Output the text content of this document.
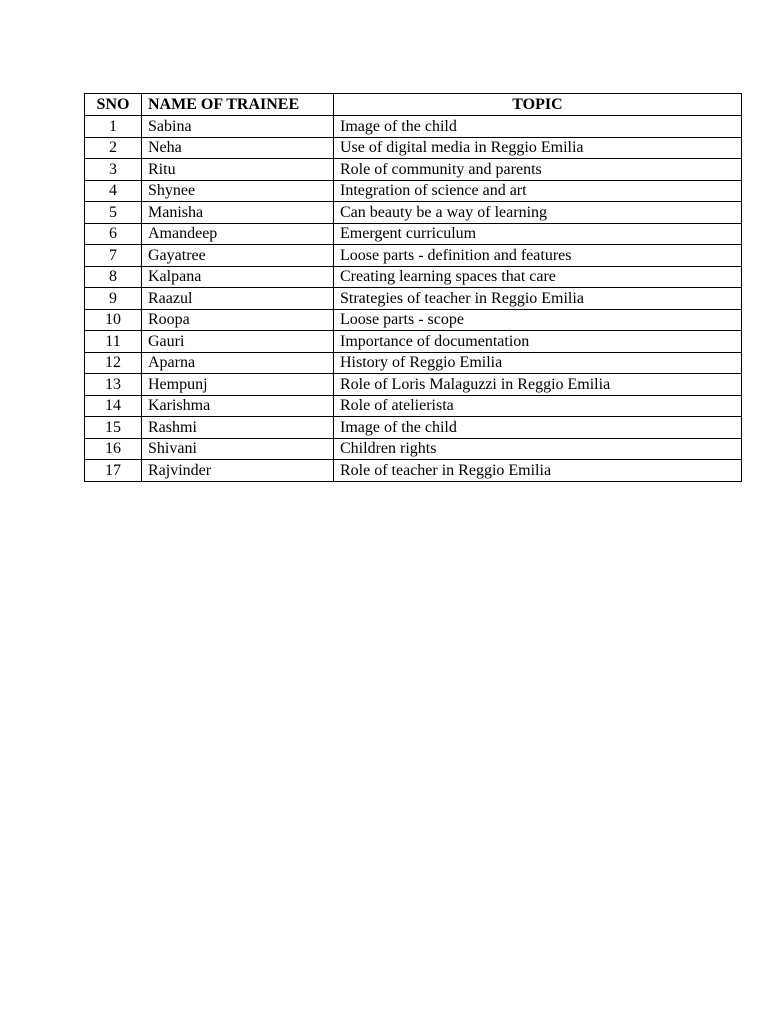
SNO	NAME OF TRAINEE	TOPIC
1	Sabina	Image of the child
2	Neha	Use of digital media in Reggio Emilia
3	Ritu	Role of community and parents
4	Shynee	Integration of science and art
5	Manisha	Can beauty be a way of learning
6	Amandeep	Emergent curriculum
7	Gayatree	Loose parts - definition and features
8	Kalpana	Creating learning spaces that care
9	Raazul	Strategies of teacher in Reggio Emilia
10	Roopa	Loose parts - scope
11	Gauri	Importance of documentation
12	Aparna	History of Reggio Emilia
13	Hempunj	Role of Loris Malaguzzi in Reggio Emilia
14	Karishma	Role of atelierista
15	Rashmi	Image of the child
16	Shivani	Children rights
17	Rajvinder	Role of teacher in Reggio Emilia
